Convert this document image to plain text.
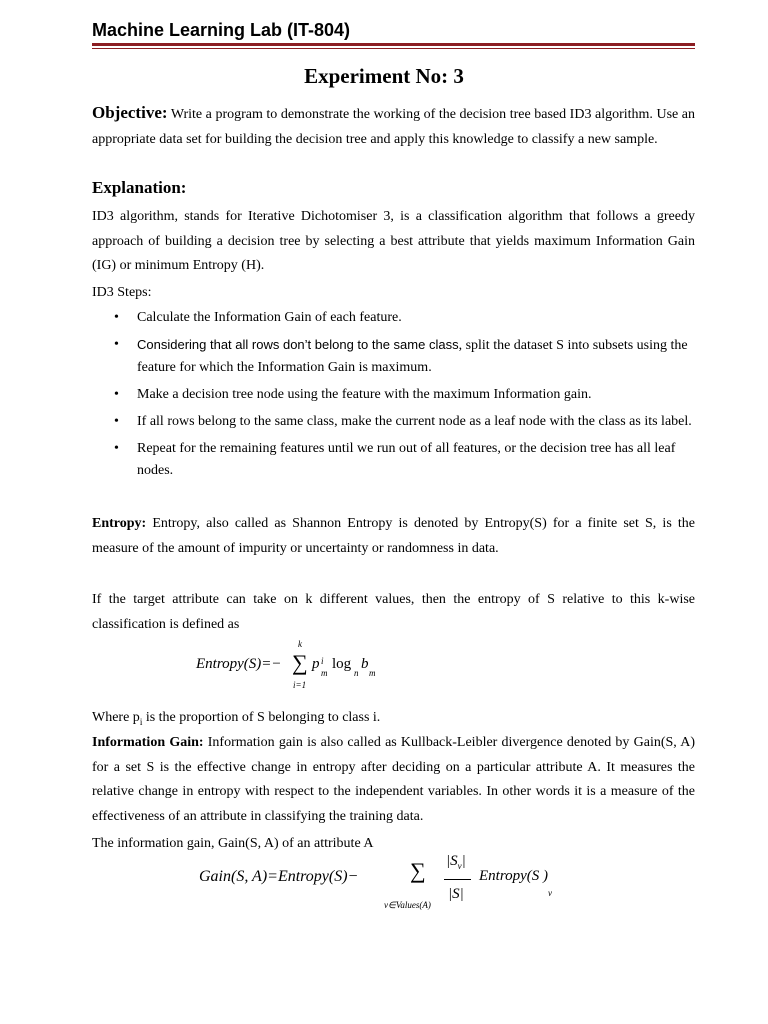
Machine Learning Lab (IT-804)
Experiment No: 3
Objective: Write a program to demonstrate the working of the decision tree based ID3 algorithm. Use an appropriate data set for building the decision tree and apply this knowledge to classify a new sample.
Explanation:
ID3 algorithm, stands for Iterative Dichotomiser 3, is a classification algorithm that follows a greedy approach of building a decision tree by selecting a best attribute that yields maximum Information Gain (IG) or minimum Entropy (H).
ID3 Steps:
• Calculate the Information Gain of each feature.
• Considering that all rows don’t belong to the same class, split the dataset S into subsets using the feature for which the Information Gain is maximum.
• Make a decision tree node using the feature with the maximum Information gain.
• If all rows belong to the same class, make the current node as a leaf node with the class as its label.
• Repeat for the remaining features until we run out of all features, or the decision tree has all leaf nodes.
Entropy: Entropy, also called as Shannon Entropy is denoted by Entropy(S) for a finite set S, is the measure of the amount of impurity or uncertainty or randomness in data.
If the target attribute can take on k different values, then the entropy of S relative to this k-wise classification is defined as
Entropy(S)=−
k
∑
i=1
p i
m
log
n
b
m
Where $p_i$ is the proportion of S belonging to class i.
Information Gain: Information gain is also called as Kullback-Leibler divergence denoted by Gain(S, A) for a set S is the effective change in entropy after deciding on a particular attribute A. It measures the relative change in entropy with respect to the independent variables. In other words it is a measure of the effectiveness of an attribute in classifying the training data.
The information gain, Gain(S, A) of an attribute A
Gain(S, A)=Entropy(S)− ∑
v∈Values(A)
$|S_v|$
|S|
Entropy(S )
v
